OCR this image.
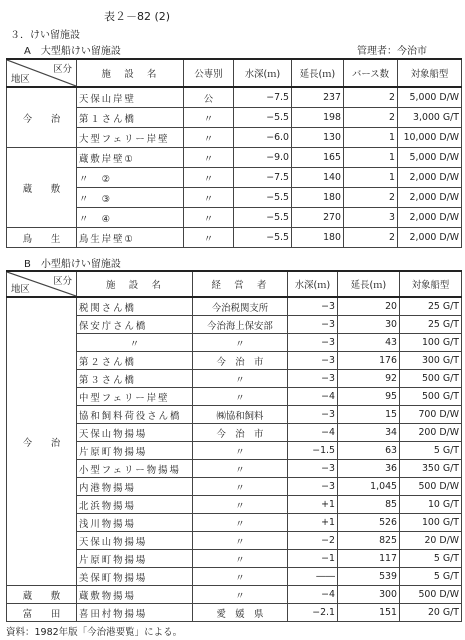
表２－82 (2)
３．けい留施設
A　大型船けい留施設	管理者：今治市
区分
地区	施　設　名	公専別	水深(ｍ)	延長(ｍ)	バース数	対象船型
今　　治	天保山岸壁	公	−7.5	237	2	5,000 D/W
	第１さん橋	〃	−5.5	198	2	3,000 G/T
	大型フェリー岸壁	〃	−6.0	130	1	10,000 D/W
蔵　　敷	蔵敷岸壁①	〃	−9.0	165	1	5,000 D/W
	〃　②	〃	−7.5	140	1	2,000 D/W
	〃　③	〃	−5.5	180	2	2,000 D/W
	〃　④	〃	−5.5	270	3	2,000 D/W
鳥　　生	鳥生岸壁①	〃	−5.5	180	2	2,000 D/W
B　小型船けい留施設
区分
地区	施　設　名	経　営　者	水深(ｍ)	延長(ｍ)	対象船型
今　　治	税関さん橋	今治税関支所	−3	20	25 G/T
	保安庁さん橋	今治海上保安部	−3	30	25 G/T
	〃	〃	−3	43	100 G/T
	第２さん橋	今　治　市	−3	176	300 G/T
	第３さん橋	〃	−3	92	500 G/T
	中型フェリー岸壁	〃	−4	95	500 G/T
	協和飼料荷役さん橋	㈱協和飼料	−3	15	700 D/W
	天保山物揚場	今　治　市	−4	34	200 D/W
	片原町物揚場	〃	−1.5	63	5 G/T
	小型フェリー物揚場	〃	−3	36	350 G/T
	内港物揚場	〃	−3	1,045	500 D/W
	北浜物揚場	〃	+1	85	10 G/T
	浅川物揚場	〃	+1	526	100 G/T
	天保山物揚場	〃	−2	825	20 D/W
	片原町物揚場	〃	−1	117	5 G/T
	美保町物揚場	〃	――	539	5 G/T
蔵　　敷	蔵敷物揚場	〃	−4	300	500 D/W
富　　田	喜田村物揚場	愛　媛　県	−2.1	151	20 G/T
資料：1982年版「今治港要覧」による。
